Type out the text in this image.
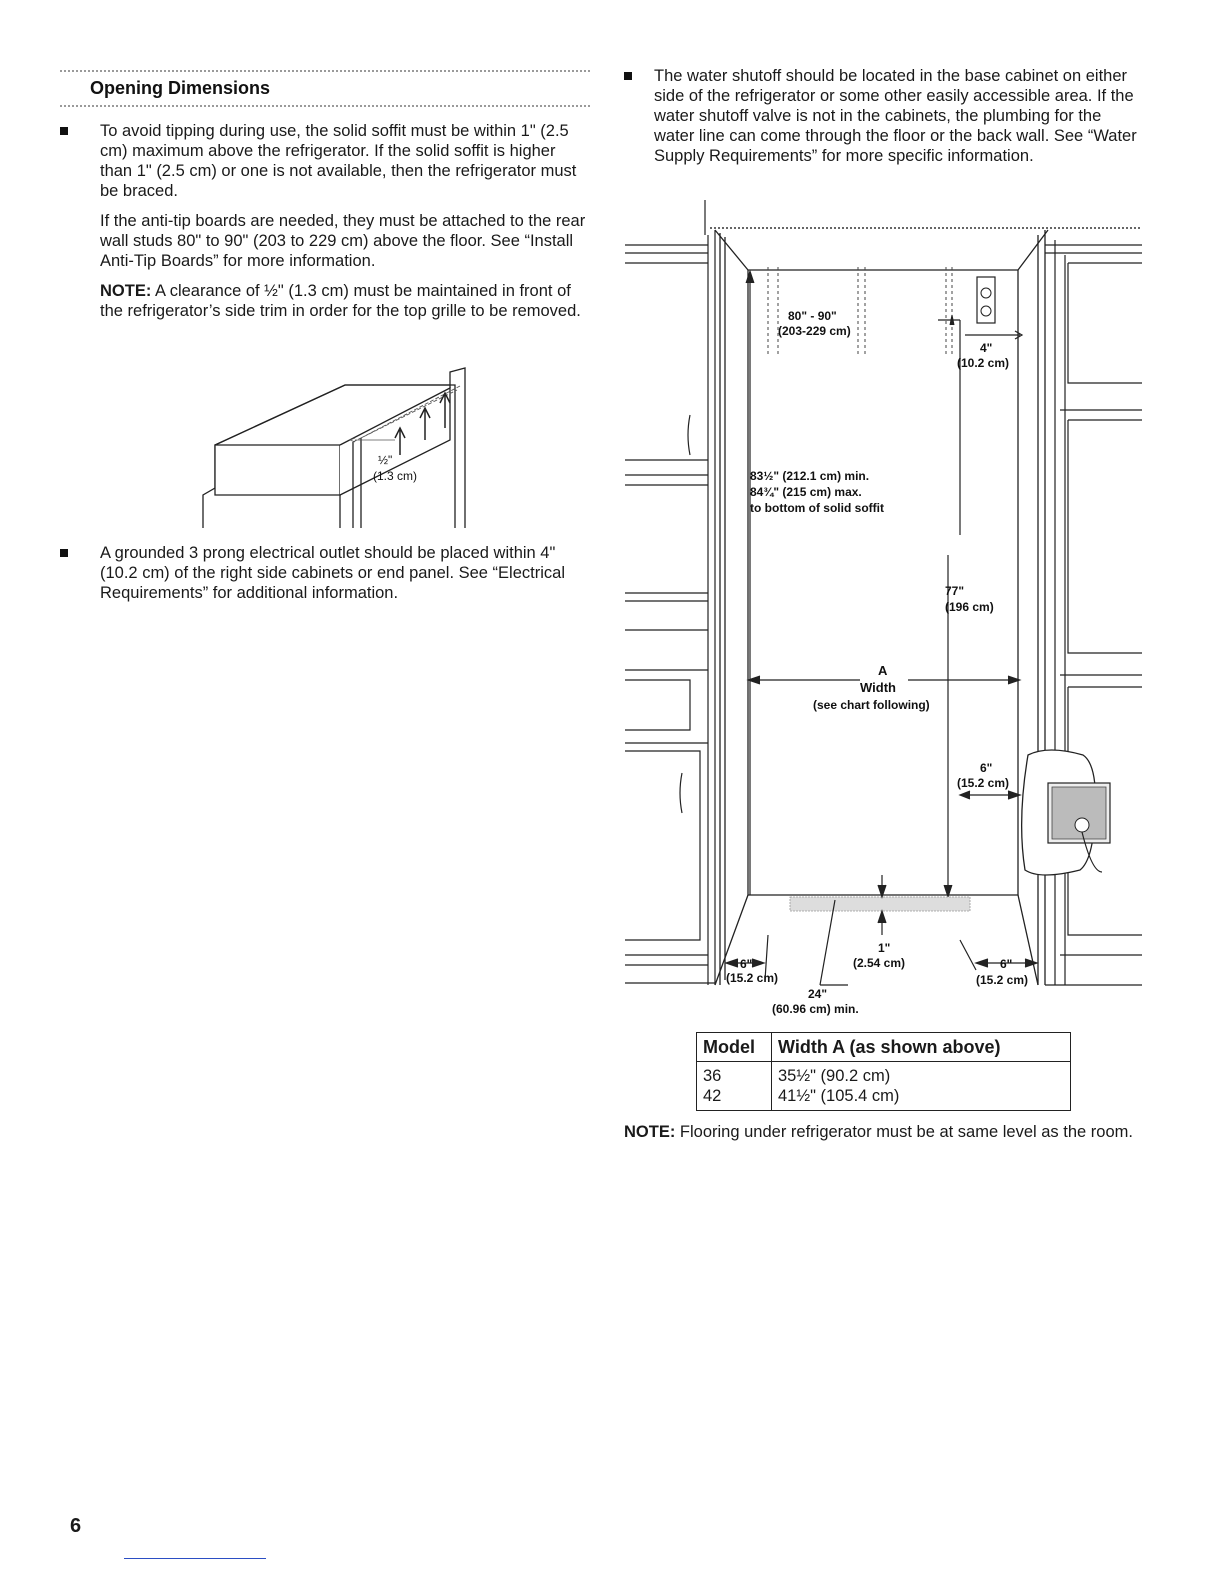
Opening Dimensions
To avoid tipping during use, the solid soffit must be within 1" (2.5 cm) maximum above the refrigerator. If the solid soffit is higher than 1" (2.5 cm) or one is not available, then the refrigerator must be braced.
If the anti-tip boards are needed, they must be attached to the rear wall studs 80" to 90" (203 to 229 cm) above the floor. See “Install Anti-Tip Boards” for more information.
NOTE: A clearance of ½" (1.3 cm) must be maintained in front of the refrigerator’s side trim in order for the top grille to be removed.
½"
(1.3 cm)
A grounded 3 prong electrical outlet should be placed within 4" (10.2 cm) of the right side cabinets or end panel. See “Electrical Requirements” for additional information.
The water shutoff should be located in the base cabinet on either side of the refrigerator or some other easily accessible area. If the water shutoff valve is not in the cabinets, the plumbing for the water line can come through the floor or the back wall. See “Water Supply Requirements” for more specific information.
80" - 90"
(203-229 cm)
4"
(10.2 cm)
83½" (212.1 cm) min.
84¾" (215 cm) max.
to bottom of solid soffit
77"
(196 cm)
A
Width
(see chart following)
6"
(15.2 cm)
1"
(2.54 cm)
6"
(15.2 cm)
6"
(15.2 cm)
24"
(60.96 cm) min.
Model	Width A (as shown above)
36	35½" (90.2 cm)
42	41½" (105.4 cm)
NOTE: Flooring under refrigerator must be at same level as the room.
6
